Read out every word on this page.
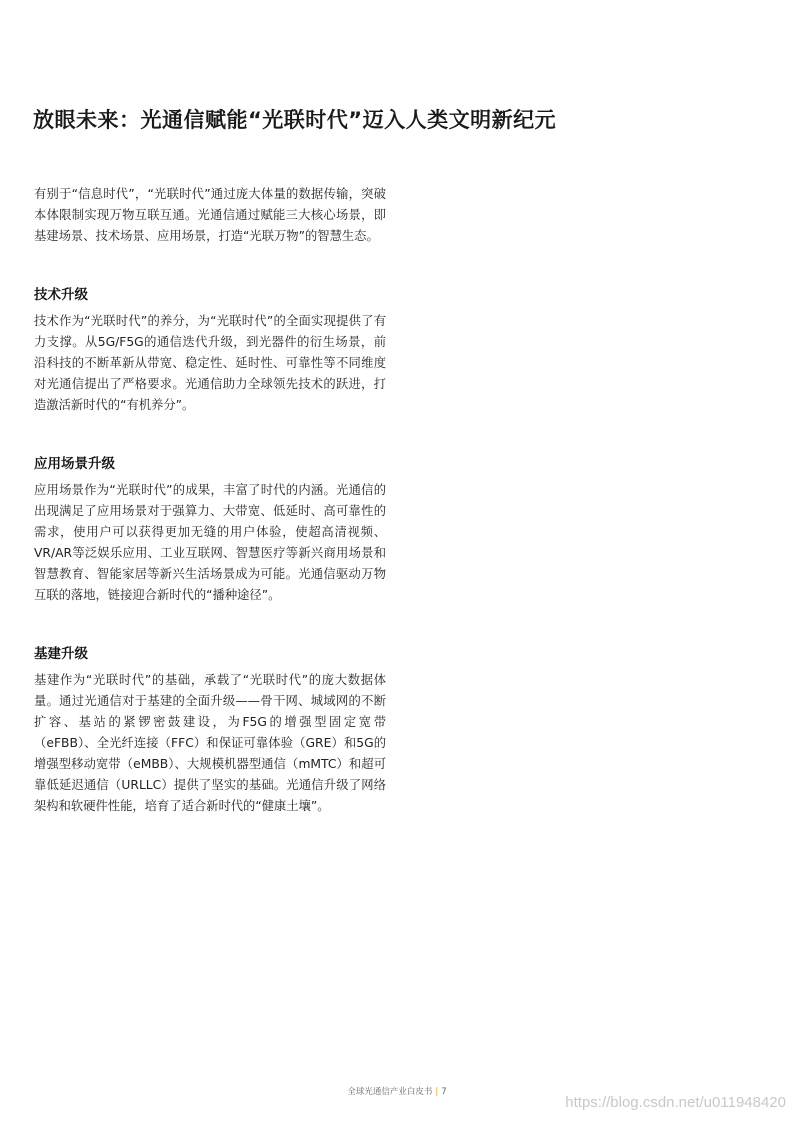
放眼未来：光通信赋能“光联时代”迈入人类文明新纪元

有别于“信息时代”，“光联时代”通过庞大体量的数据传输，突破本体限制实现万物互联互通。光通信通过赋能三大核心场景，即基建场景、技术场景、应用场景，打造“光联万物”的智慧生态。

技术升级

技术作为“光联时代”的养分，为“光联时代”的全面实现提供了有力支撑。从5G/F5G的通信迭代升级，到光器件的衍生场景，前沿科技的不断革新从带宽、稳定性、延时性、可靠性等不同维度对光通信提出了严格要求。光通信助力全球领先技术的跃进，打造激活新时代的“有机养分”。

应用场景升级

应用场景作为“光联时代”的成果，丰富了时代的内涵。光通信的出现满足了应用场景对于强算力、大带宽、低延时、高可靠性的需求，使用户可以获得更加无缝的用户体验，使超高清视频、VR/AR等泛娱乐应用、工业互联网、智慧医疗等新兴商用场景和智慧教育、智能家居等新兴生活场景成为可能。光通信驱动万物互联的落地，链接迎合新时代的“播种途径”。

基建升级

基建作为“光联时代”的基础，承载了“光联时代”的庞大数据体量。通过光通信对于基建的全面升级——骨干网、城域网的不断扩容、基站的紧锣密鼓建设，为F5G的增强型固定宽带（eFBB）、全光纤连接（FFC）和保证可靠体验（GRE）和5G的增强型移动宽带（eMBB）、大规模机器型通信（mMTC）和超可靠低延迟通信（URLLC）提供了坚实的基础。光通信升级了网络架构和软硬件性能，培育了适合新时代的“健康土壤”。

全球光通信产业白皮书 | 7
https://blog.csdn.net/u011948420
